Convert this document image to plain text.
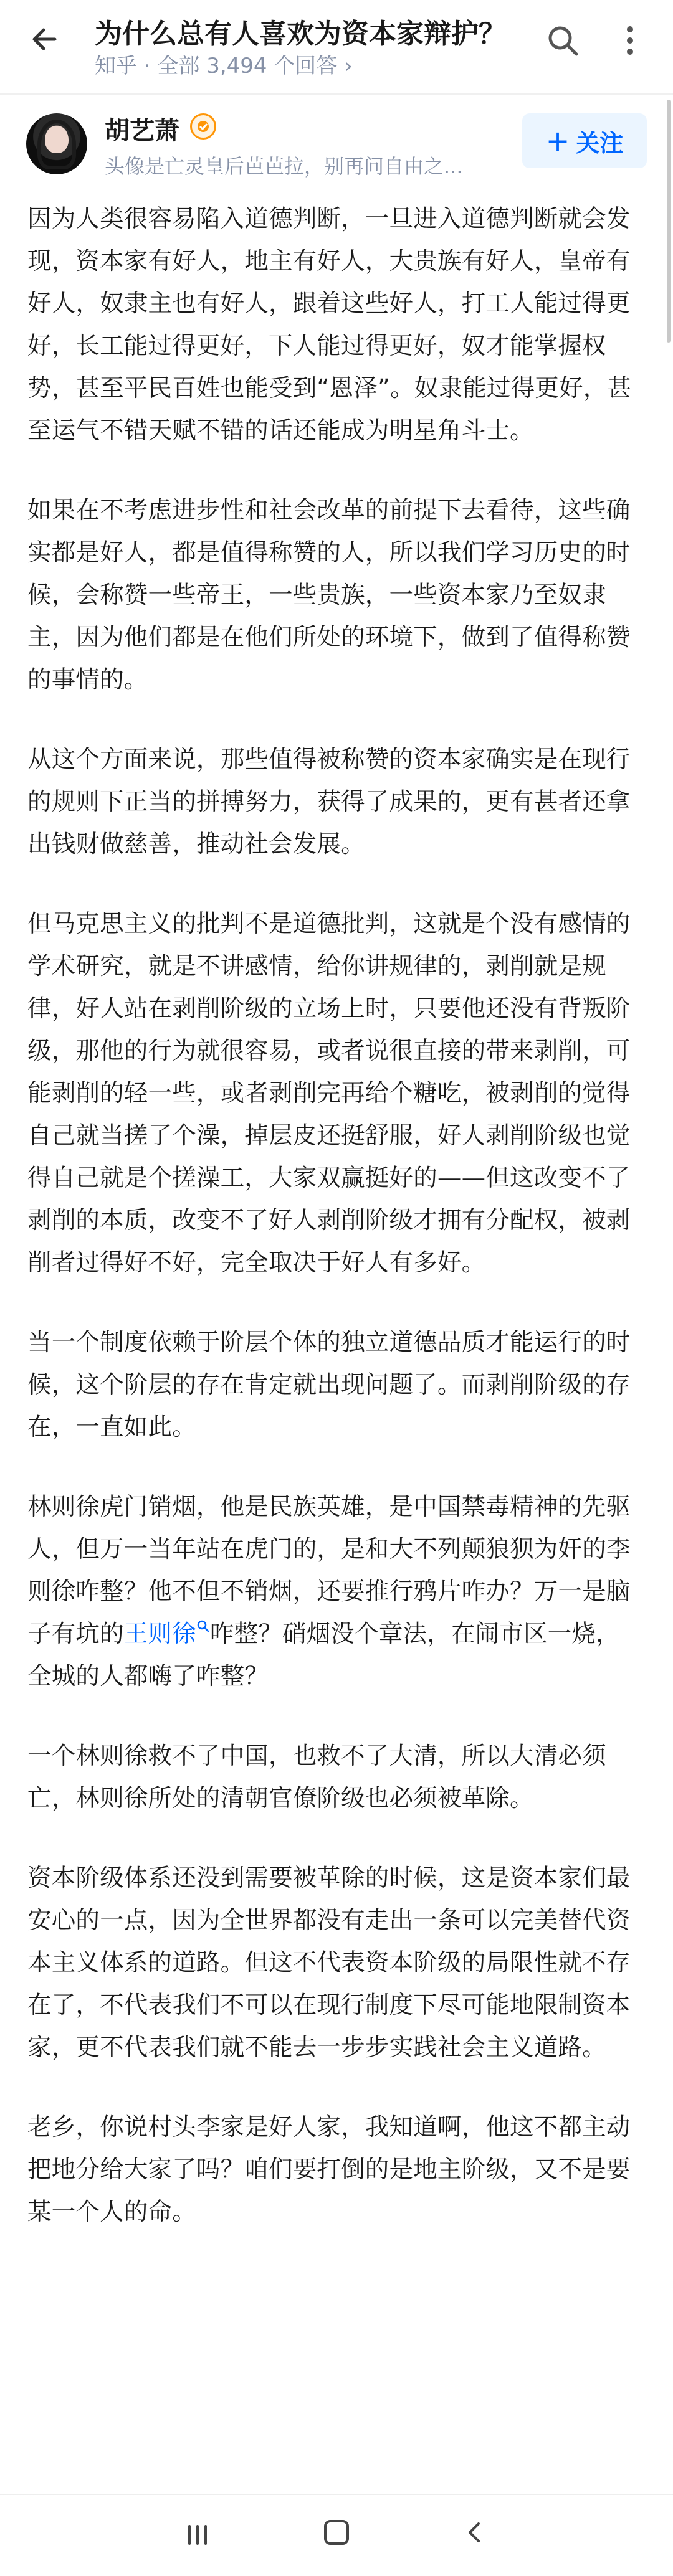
为什么总有人喜欢为资本家辩护？
知乎 · 全部 3,494 个回答 ›
胡艺萧
头像是亡灵皇后芭芭拉，别再问自由之...
+ 关注

因为人类很容易陷入道德判断，一旦进入道德判断就会发现，资本家有好人，地主有好人，大贵族有好人，皇帝有好人，奴隶主也有好人，跟着这些好人，打工人能过得更好，长工能过得更好，下人能过得更好，奴才能掌握权势，甚至平民百姓也能受到“恩泽”。奴隶能过得更好，甚至运气不错天赋不错的话还能成为明星角斗士。

如果在不考虑进步性和社会改革的前提下去看待，这些确实都是好人，都是值得称赞的人，所以我们学习历史的时候，会称赞一些帝王，一些贵族，一些资本家乃至奴隶主，因为他们都是在他们所处的环境下，做到了值得称赞的事情的。

从这个方面来说，那些值得被称赞的资本家确实是在现行的规则下正当的拼搏努力，获得了成果的，更有甚者还拿出钱财做慈善，推动社会发展。

但马克思主义的批判不是道德批判，这就是个没有感情的学术研究，就是不讲感情，给你讲规律的，剥削就是规律，好人站在剥削阶级的立场上时，只要他还没有背叛阶级，那他的行为就很容易，或者说很直接的带来剥削，可能剥削的轻一些，或者剥削完再给个糖吃，被剥削的觉得自己就当搓了个澡，掉层皮还挺舒服，好人剥削阶级也觉得自己就是个搓澡工，大家双赢挺好的——但这改变不了剥削的本质，改变不了好人剥削阶级才拥有分配权，被剥削者过得好不好，完全取决于好人有多好。

当一个制度依赖于阶层个体的独立道德品质才能运行的时候，这个阶层的存在肯定就出现问题了。而剥削阶级的存在，一直如此。

林则徐虎门销烟，他是民族英雄，是中国禁毒精神的先驱人，但万一当年站在虎门的，是和大不列颠狼狈为奸的李则徐咋整？他不但不销烟，还要推行鸦片咋办？万一是脑子有坑的王则徐 咋整？硝烟没个章法，在闹市区一烧，全城的人都嗨了咋整？

一个林则徐救不了中国，也救不了大清，所以大清必须亡，林则徐所处的清朝官僚阶级也必须被革除。

资本阶级体系还没到需要被革除的时候，这是资本家们最安心的一点，因为全世界都没有走出一条可以完美替代资本主义体系的道路。但这不代表资本阶级的局限性就不存在了，不代表我们不可以在现行制度下尽可能地限制资本家，更不代表我们就不能去一步步实践社会主义道路。

老乡，你说村头李家是好人家，我知道啊，他这不都主动把地分给大家了吗？咱们要打倒的是地主阶级，又不是要某一个人的命。
